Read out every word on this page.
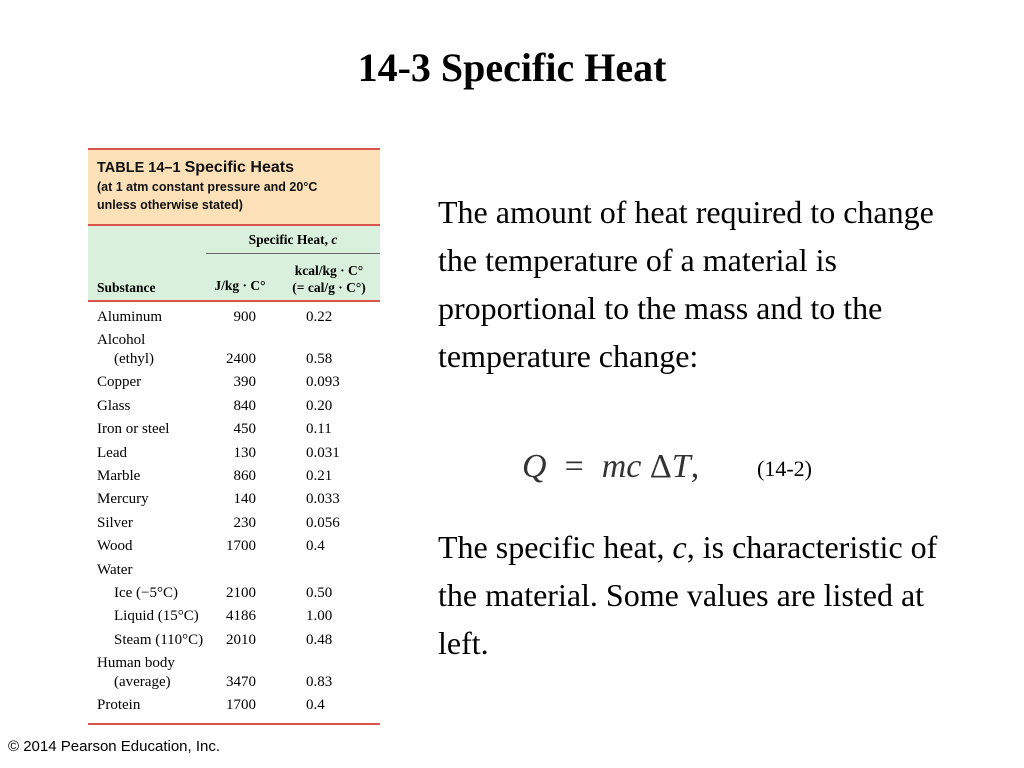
14-3 Specific Heat
TABLE 14–1 Specific Heats
(at 1 atm constant pressure and 20°C
unless otherwise stated)
Specific Heat, c
Substance	J/kg · C°
kcal/kg · C°
(= cal/g · C°)
Aluminum	900	0.22
Alcohol
(ethyl)	2400	0.58
Copper	390	0.093
Glass	840	0.20
Iron or steel	450	0.11
Lead	130	0.031
Marble	860	0.21
Mercury	140	0.033
Silver	230	0.056
Wood	1700	0.4
Water
Ice (−5°C)	2100	0.50
Liquid (15°C) 4186	1.00
Steam (110°C) 2010	0.48
Human body
(average)	3470	0.83
Protein	1700	0.4
The amount of heat required to change the temperature of a material is proportional to the mass and to the temperature change:
Q = mc ΔT,	(14-2)
The specific heat, c, is characteristic of the material. Some values are listed at left.
© 2014 Pearson Education, Inc.
